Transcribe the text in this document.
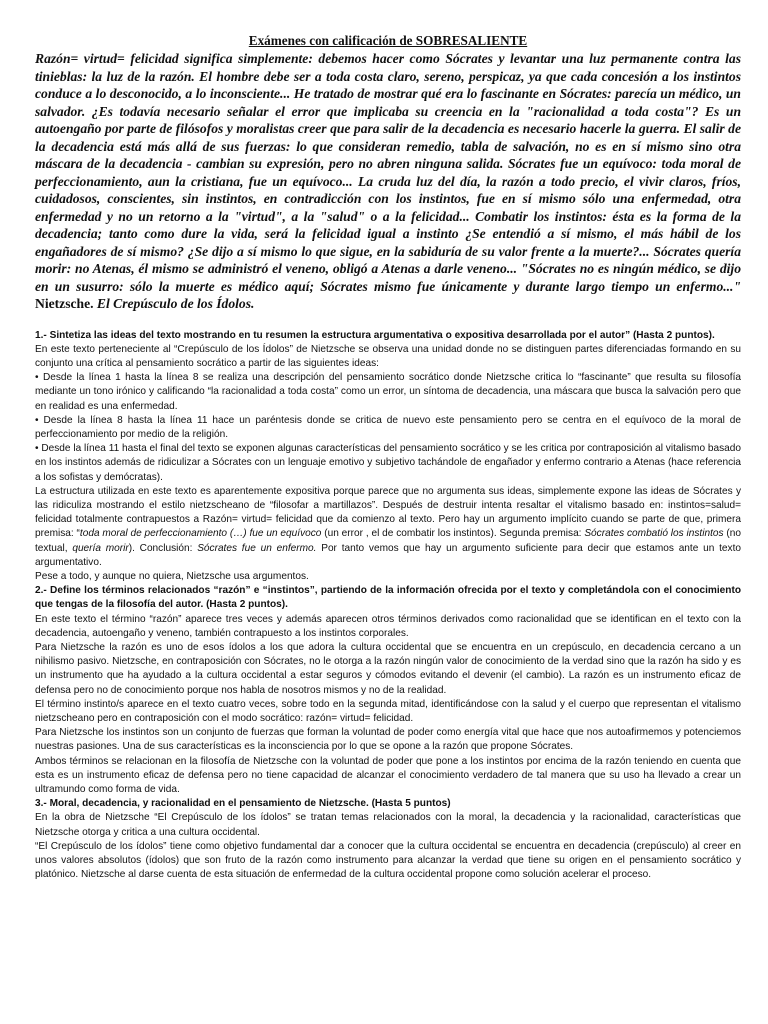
Exámenes con calificación de SOBRESALIENTE
Razón= virtud= felicidad significa simplemente: debemos hacer como Sócrates y levantar una luz permanente contra las tinieblas: la luz de la razón. El hombre debe ser a toda costa claro, sereno, perspicaz, ya que cada concesión a los instintos conduce a lo desconocido, a lo inconsciente... He tratado de mostrar qué era lo fascinante en Sócrates: parecía un médico, un salvador. ¿Es todavía necesario señalar el error que implicaba su creencia en la "racionalidad a toda costa"? Es un autoengaño por parte de filósofos y moralistas creer que para salir de la decadencia es necesario hacerle la guerra. El salir de la decadencia está más allá de sus fuerzas: lo que consideran remedio, tabla de salvación, no es en sí mismo sino otra máscara de la decadencia - cambian su expresión, pero no abren ninguna salida. Sócrates fue un equívoco: toda moral de perfeccionamiento, aun la cristiana, fue un equívoco... La cruda luz del día, la razón a todo precio, el vivir claros, fríos, cuidadosos, conscientes, sin instintos, en contradicción con los instintos, fue en sí mismo sólo una enfermedad, otra enfermedad y no un retorno a la "virtud", a la "salud" o a la felicidad... Combatir los instintos: ésta es la forma de la decadencia; tanto como dure la vida, será la felicidad igual a instinto ¿Se entendió a sí mismo, el más hábil de los engañadores de sí mismo? ¿Se dijo a sí mismo lo que sigue, en la sabiduría de su valor frente a la muerte?... Sócrates quería morir: no Atenas, él mismo se administró el veneno, obligó a Atenas a darle veneno... "Sócrates no es ningún médico, se dijo en un susurro: sólo la muerte es médico aquí; Sócrates mismo fue únicamente y durante largo tiempo un enfermo..." Nietzsche. El Crepúsculo de los Ídolos.
1.- Sintetiza las ideas del texto mostrando en tu resumen la estructura argumentativa o expositiva desarrollada por el autor” (Hasta 2 puntos).

En este texto perteneciente al “Crepúsculo de los Ídolos” de Nietzsche se observa una unidad donde no se distinguen partes diferenciadas formando en su conjunto una crítica al pensamiento socrático a partir de las siguientes ideas:

• Desde la línea 1 hasta la línea 8 se realiza una descripción del pensamiento socrático donde Nietzsche critica lo “fascinante” que resulta su filosofía mediante un tono irónico y calificando “la racionalidad a toda costa” como un error, un síntoma de decadencia, una máscara que busca la salvación pero que en realidad es una enfermedad.

• Desde la línea 8 hasta la línea 11 hace un paréntesis donde se critica de nuevo este pensamiento pero se centra en el equívoco de la moral de perfeccionamiento por medio de la religión.

• Desde la línea 11 hasta el final del texto se exponen algunas características del pensamiento socrático y se les critica por contraposición al vitalismo basado en los instintos además de ridiculizar a Sócrates con un lenguaje emotivo y subjetivo tachándole de engañador y enfermo contrario a Atenas (hace referencia a los sofistas y demócratas).

La estructura utilizada en este texto es aparentemente expositiva porque parece que no argumenta sus ideas, simplemente expone las ideas de Sócrates y las ridiculiza mostrando el estilo nietzscheano de “filosofar a martillazos”. Después de destruir intenta resaltar el vitalismo basado en: instintos=salud= felicidad totalmente contrapuestos a Razón= virtud= felicidad que da comienzo al texto. Pero hay un argumento implícito cuando se parte de que, primera premisa: “toda moral de perfeccionamiento (…) fue un equívoco (un error , el de combatir los instintos). Segunda premisa: Sócrates combatió los instintos (no textual, quería morir). Conclusión: Sócrates fue un enfermo. Por tanto vemos que hay un argumento suficiente para decir que estamos ante un texto argumentativo.

Pese a todo, y aunque no quiera, Nietzsche usa argumentos.

2.- Define los términos relacionados “razón” e “instintos”, partiendo de la información ofrecida por el texto y completándola con el conocimiento que tengas de la filosofía del autor. (Hasta 2 puntos).

En este texto el término “razón” aparece tres veces y además aparecen otros términos derivados como racionalidad que se identifican en el texto con la decadencia, autoengaño y veneno, también contrapuesto a los instintos corporales.

Para Nietzsche la razón es uno de esos ídolos a los que adora la cultura occidental que se encuentra en un crepúsculo, en decadencia cercano a un nihilismo pasivo. Nietzsche, en contraposición con Sócrates, no le otorga a la razón ningún valor de conocimiento de la verdad sino que la razón ha sido y es un instrumento que ha ayudado a la cultura occidental a estar seguros y cómodos evitando el devenir (el cambio). La razón es un instrumento eficaz de defensa pero no de conocimiento porque nos habla de nosotros mismos y no de la realidad.

El término instinto/s aparece en el texto cuatro veces, sobre todo en la segunda mitad, identificándose con la salud y el cuerpo que representan el vitalismo nietzscheano pero en contraposición con el modo socrático: razón= virtud= felicidad.

Para Nietzsche los instintos son un conjunto de fuerzas que forman la voluntad de poder como energía vital que hace que nos autoafirmemos y potenciemos nuestras pasiones. Una de sus características es la inconsciencia por lo que se opone a la razón que propone Sócrates.

Ambos términos se relacionan en la filosofía de Nietzsche con la voluntad de poder que pone a los instintos por encima de la razón teniendo en cuenta que esta es un instrumento eficaz de defensa pero no tiene capacidad de alcanzar el conocimiento verdadero de tal manera que su uso ha llevado a crear un ultramundo como forma de vida.

3.- Moral, decadencia, y racionalidad en el pensamiento de Nietzsche. (Hasta 5 puntos)

En la obra de Nietzsche “El Crepúsculo de los ídolos” se tratan temas relacionados con la moral, la decadencia y la racionalidad, características que Nietzsche otorga y critica a una cultura occidental.

“El Crepúsculo de los ídolos” tiene como objetivo fundamental dar a conocer que la cultura occidental se encuentra en decadencia (crepúsculo) al creer en unos valores absolutos (ídolos) que son fruto de la razón como instrumento para alcanzar la verdad que tiene su origen en el pensamiento socrático y platónico. Nietzsche al darse cuenta de esta situación de enfermedad de la cultura occidental propone como solución acelerar el proceso.
